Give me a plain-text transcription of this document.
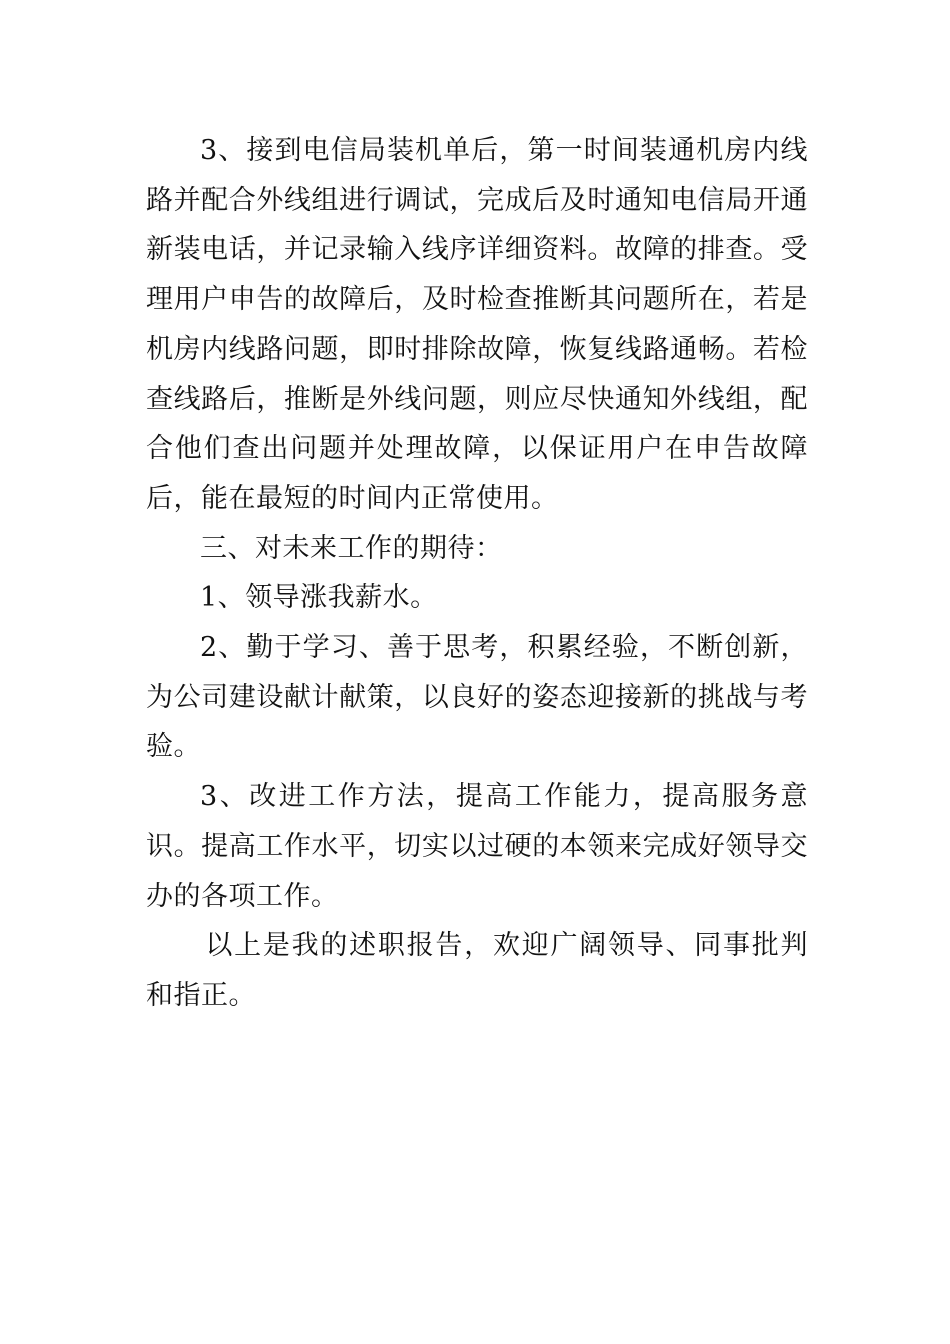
3、接到电信局装机单后，第一时间装通机房内线路并配合外线组进行调试，完成后及时通知电信局开通新装电话，并记录输入线序详细资料。故障的排查。受理用户申告的故障后，及时检查推断其问题所在，若是机房内线路问题，即时排除故障，恢复线路通畅。若检查线路后，推断是外线问题，则应尽快通知外线组，配合他们查出问题并处理故障，以保证用户在申告故障后，能在最短的时间内正常使用。

三、对未来工作的期待：

1、领导涨我薪水。

2、勤于学习、善于思考，积累经验，不断创新，为公司建设献计献策，以良好的姿态迎接新的挑战与考验。

3、改进工作方法，提高工作能力，提高服务意识。提高工作水平，切实以过硬的本领来完成好领导交办的各项工作。

以上是我的述职报告，欢迎广阔领导、同事批判和指正。
